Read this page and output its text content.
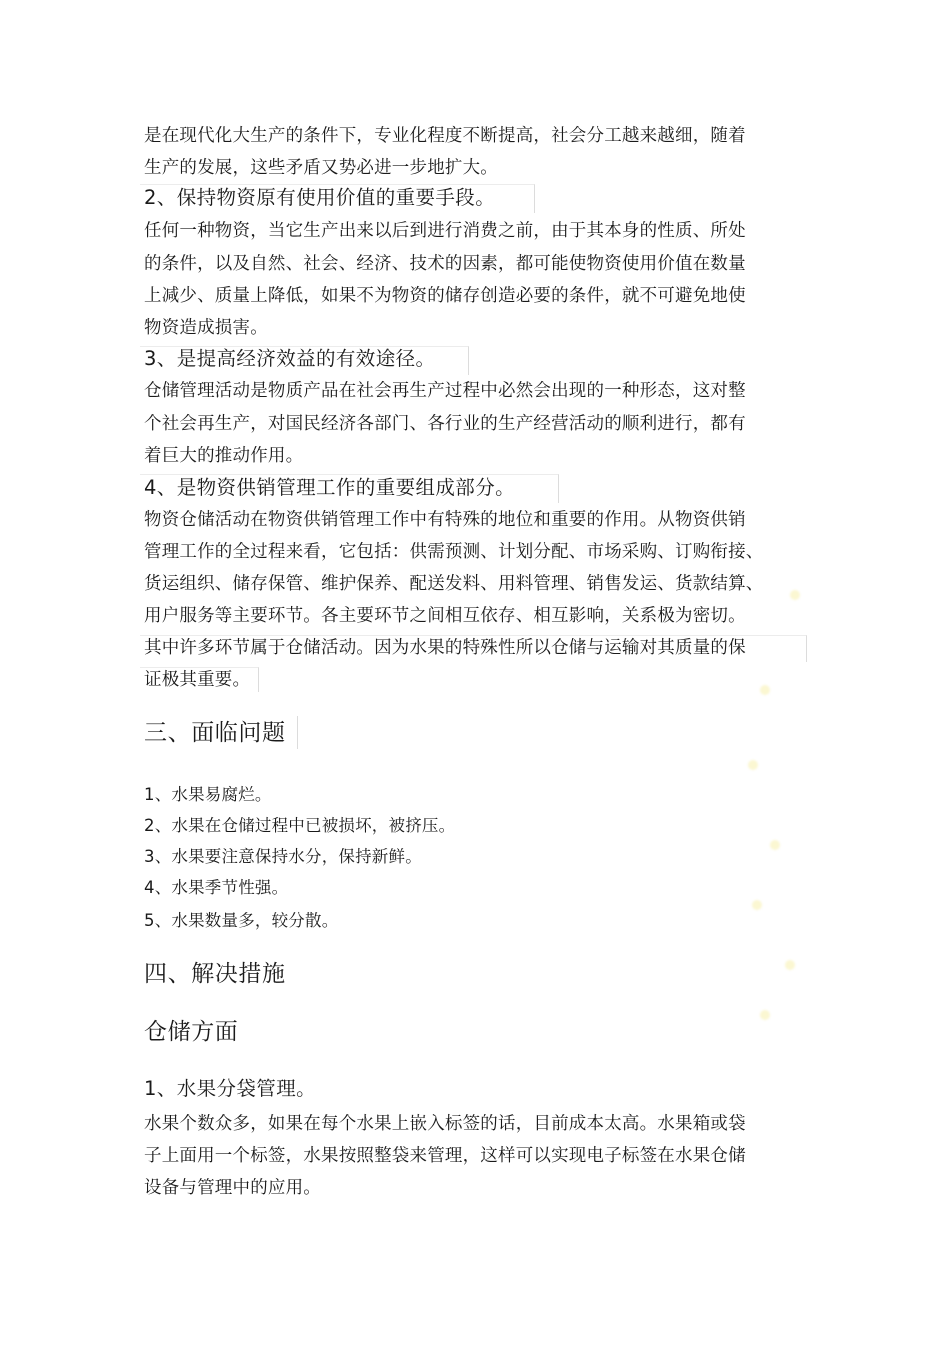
是在现代化大生产的条件下，专业化程度不断提高，社会分工越来越细，随着

生产的发展，这些矛盾又势必进一步地扩大。

2、保持物资原有使用价值的重要手段。

任何一种物资，当它生产出来以后到进行消费之前，由于其本身的性质、所处

的条件，以及自然、社会、经济、技术的因素，都可能使物资使用价值在数量

上减少、质量上降低，如果不为物资的储存创造必要的条件，就不可避免地使

物资造成损害。

3、是提高经济效益的有效途径。

仓储管理活动是物质产品在社会再生产过程中必然会出现的一种形态，这对整

个社会再生产，对国民经济各部门、各行业的生产经营活动的顺利进行，都有

着巨大的推动作用。

4、是物资供销管理工作的重要组成部分。

物资仓储活动在物资供销管理工作中有特殊的地位和重要的作用。从物资供销

管理工作的全过程来看，它包括：供需预测、计划分配、市场采购、订购衔接、

货运组织、储存保管、维护保养、配送发料、用料管理、销售发运、货款结算、

用户服务等主要环节。各主要环节之间相互依存、相互影响，关系极为密切。

其中许多环节属于仓储活动。因为水果的特殊性所以仓储与运输对其质量的保

证极其重要。

三、面临问题

1、水果易腐烂。

2、水果在仓储过程中已被损坏，被挤压。

3、水果要注意保持水分，保持新鲜。

4、水果季节性强。

5、水果数量多，较分散。

四、解决措施
仓储方面

1、水果分袋管理。

水果个数众多，如果在每个水果上嵌入标签的话，目前成本太高。水果箱或袋

子上面用一个标签，水果按照整袋来管理，这样可以实现电子标签在水果仓储

设备与管理中的应用。
